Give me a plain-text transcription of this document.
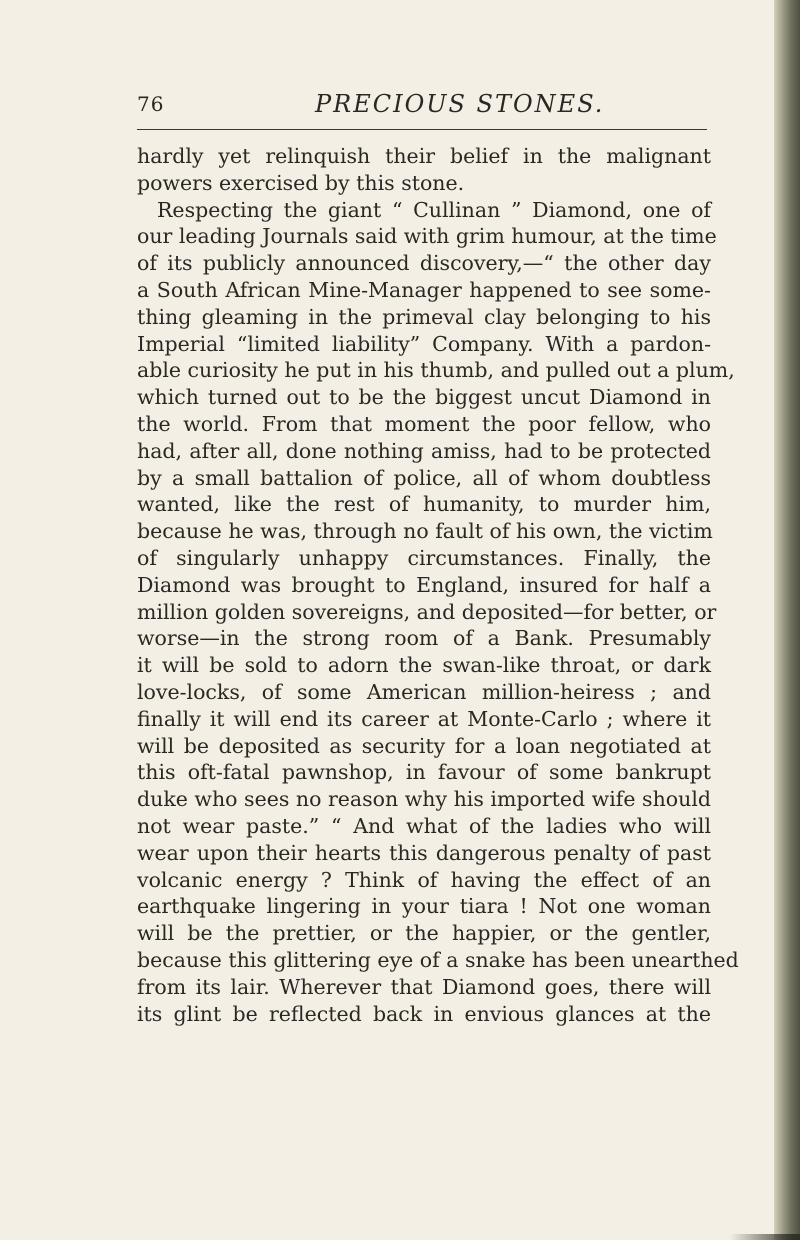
76	PRECIOUS STONES.
hardly yet relinquish their belief in the malignant
powers exercised by this stone.
Respecting the giant “ Cullinan ” Diamond, one of
our leading Journals said with grim humour, at the time
of its publicly announced discovery,—“ the other day
a South African Mine-Manager happened to see some-
thing gleaming in the primeval clay belonging to his
Imperial “limited liability” Company. With a pardon-
able curiosity he put in his thumb, and pulled out a plum,
which turned out to be the biggest uncut Diamond in
the world. From that moment the poor fellow, who
had, after all, done nothing amiss, had to be protected
by a small battalion of police, all of whom doubtless
wanted, like the rest of humanity, to murder him,
because he was, through no fault of his own, the victim
of singularly unhappy circumstances. Finally, the
Diamond was brought to England, insured for half a
million golden sovereigns, and deposited—for better, or
worse—in the strong room of a Bank. Presumably
it will be sold to adorn the swan-like throat, or dark
love-locks, of some American million-heiress ; and
finally it will end its career at Monte-Carlo ; where it
will be deposited as security for a loan negotiated at
this oft-fatal pawnshop, in favour of some bankrupt
duke who sees no reason why his imported wife should
not wear paste.” “ And what of the ladies who will
wear upon their hearts this dangerous penalty of past
volcanic energy ? Think of having the effect of an
earthquake lingering in your tiara ! Not one woman
will be the prettier, or the happier, or the gentler,
because this glittering eye of a snake has been unearthed
from its lair. Wherever that Diamond goes, there will
its glint be reflected back in envious glances at the
